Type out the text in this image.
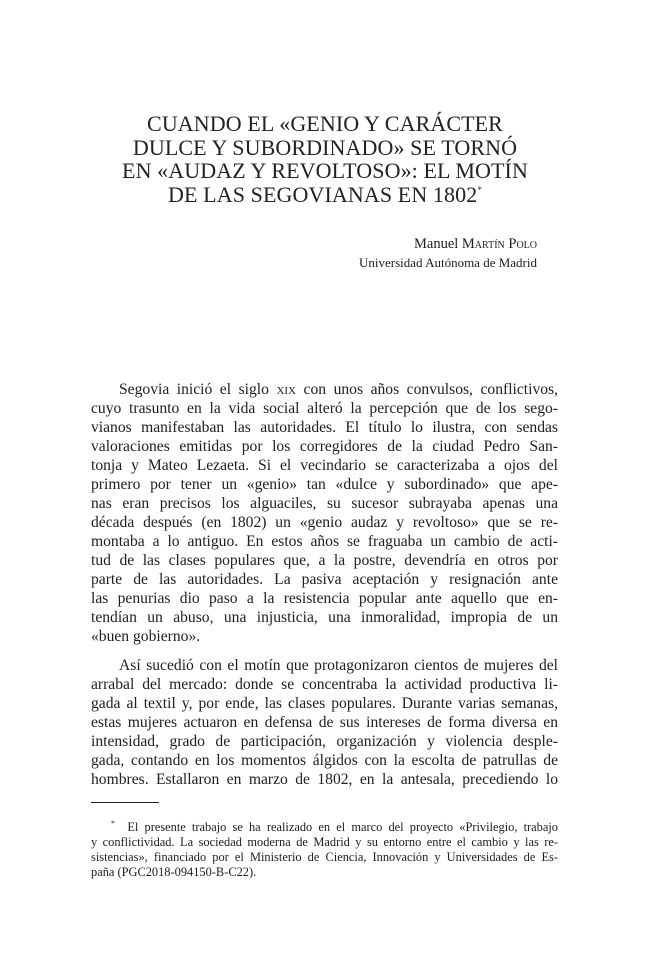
CUANDO EL «GENIO Y CARÁCTER
DULCE Y SUBORDINADO» SE TORNÓ
EN «AUDAZ Y REVOLTOSO»: EL MOTÍN
DE LAS SEGOVIANAS EN 1802*
Manuel Martín Polo
Universidad Autónoma de Madrid
Segovia inició el siglo xix con unos años convulsos, conflictivos,
cuyo trasunto en la vida social alteró la percepción que de los sego-
vianos manifestaban las autoridades. El título lo ilustra, con sendas
valoraciones emitidas por los corregidores de la ciudad Pedro San-
tonja y Mateo Lezaeta. Si el vecindario se caracterizaba a ojos del
primero por tener un «genio» tan «dulce y subordinado» que ape-
nas eran precisos los alguaciles, su sucesor subrayaba apenas una
década después (en 1802) un «genio audaz y revoltoso» que se re-
montaba a lo antiguo. En estos años se fraguaba un cambio de acti-
tud de las clases populares que, a la postre, devendría en otros por
parte de las autoridades. La pasiva aceptación y resignación ante
las penurias dio paso a la resistencia popular ante aquello que en-
tendían un abuso, una injusticia, una inmoralidad, impropia de un
«buen gobierno».
Así sucedió con el motín que protagonizaron cientos de mujeres del
arrabal del mercado: donde se concentraba la actividad productiva li-
gada al textil y, por ende, las clases populares. Durante varias semanas,
estas mujeres actuaron en defensa de sus intereses de forma diversa en
intensidad, grado de participación, organización y violencia desple-
gada, contando en los momentos álgidos con la escolta de patrullas de
hombres. Estallaron en marzo de 1802, en la antesala, precediendo lo
* El presente trabajo se ha realizado en el marco del proyecto «Privilegio, trabajo
y conflictividad. La sociedad moderna de Madrid y su entorno entre el cambio y las re-
sistencias», financiado por el Ministerio de Ciencia, Innovación y Universidades de Es-
paña (PGC2018-094150-B-C22).
